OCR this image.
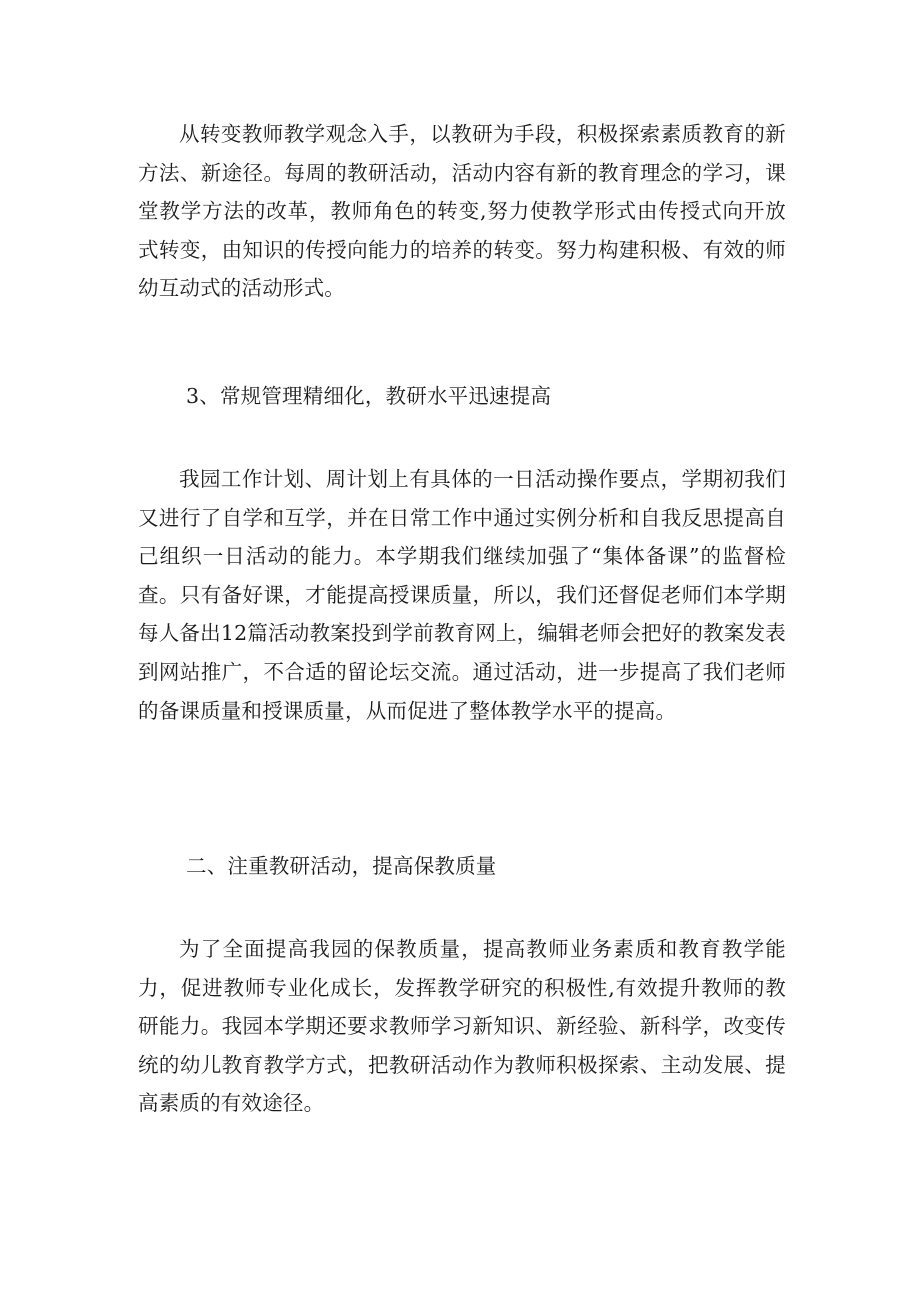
从转变教师教学观念入手，以教研为手段，积极探索素质教育的新方法、新途径。每周的教研活动，活动内容有新的教育理念的学习，课堂教学方法的改革，教师角色的转变,努力使教学形式由传授式向开放式转变，由知识的传授向能力的培养的转变。努力构建积极、有效的师幼互动式的活动形式。

3、常规管理精细化，教研水平迅速提高

我园工作计划、周计划上有具体的一日活动操作要点，学期初我们又进行了自学和互学，并在日常工作中通过实例分析和自我反思提高自己组织一日活动的能力。本学期我们继续加强了“集体备课”的监督检查。只有备好课，才能提高授课质量，所以，我们还督促老师们本学期每人备出12篇活动教案投到学前教育网上，编辑老师会把好的教案发表到网站推广，不合适的留论坛交流。通过活动，进一步提高了我们老师的备课质量和授课质量，从而促进了整体教学水平的提高。

二、注重教研活动，提高保教质量

为了全面提高我园的保教质量，提高教师业务素质和教育教学能力，促进教师专业化成长，发挥教学研究的积极性,有效提升教师的教研能力。我园本学期还要求教师学习新知识、新经验、新科学，改变传统的幼儿教育教学方式，把教研活动作为教师积极探索、主动发展、提高素质的有效途径。
